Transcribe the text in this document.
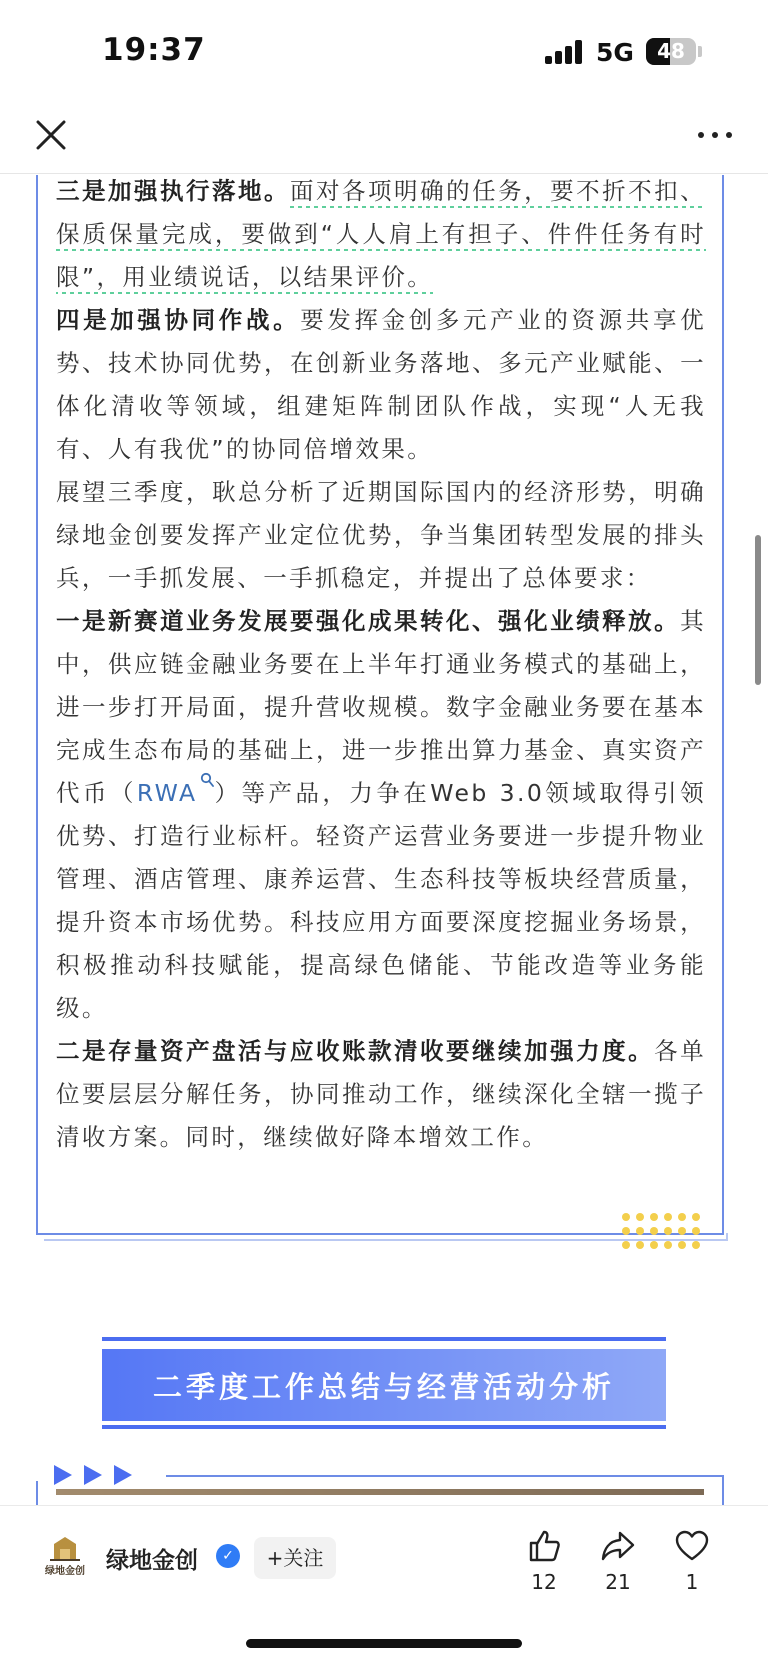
19:37	5G	48

三是加强执行落地。面对各项明确的任务，要不折不扣、保质保量完成，要做到“人人肩上有担子、件件任务有时限”，用业绩说话，以结果评价。

四是加强协同作战。要发挥金创多元产业的资源共享优势、技术协同优势，在创新业务落地、多元产业赋能、一体化清收等领域，组建矩阵制团队作战，实现“人无我有、人有我优”的协同倍增效果。

展望三季度，耿总分析了近期国际国内的经济形势，明确绿地金创要发挥产业定位优势，争当集团转型发展的排头兵，一手抓发展、一手抓稳定，并提出了总体要求：

一是新赛道业务发展要强化成果转化、强化业绩释放。其中，供应链金融业务要在上半年打通业务模式的基础上，进一步打开局面，提升营收规模。数字金融业务要在基本完成生态布局的基础上，进一步推出算力基金、真实资产代币（RWA ）等产品，力争在Web 3.0领域取得引领优势、打造行业标杆。轻资产运营业务要进一步提升物业管理、酒店管理、康养运营、生态科技等板块经营质量，提升资本市场优势。科技应用方面要深度挖掘业务场景，积极推动科技赋能，提高绿色储能、节能改造等业务能级。

二是存量资产盘活与应收账款清收要继续加强力度。各单位要层层分解任务，协同推动工作，继续深化全辖一揽子清收方案。同时，继续做好降本增效工作。

二季度工作总结与经营活动分析
绿地金创 绿地金创	✓	+关注
12	21	1
